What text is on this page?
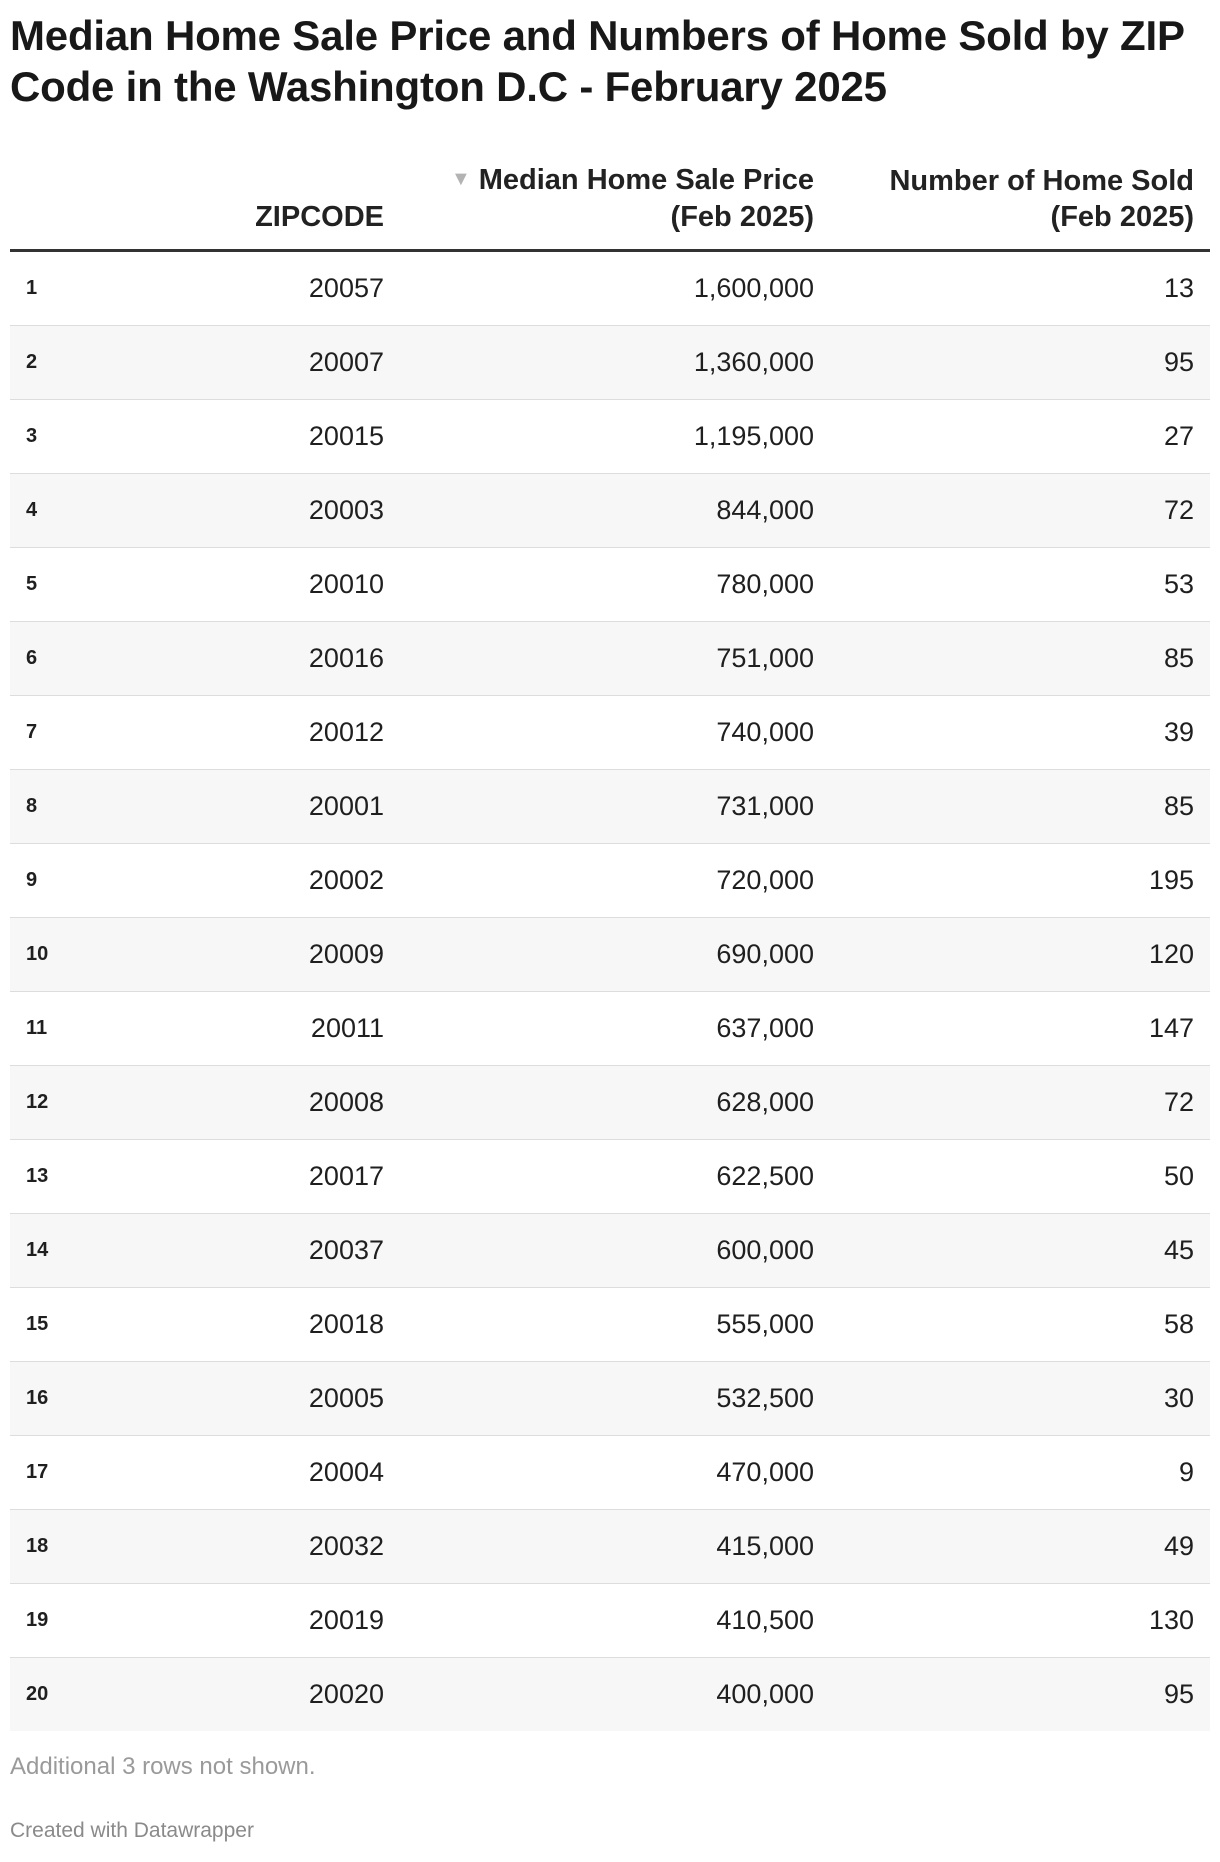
Median Home Sale Price and Numbers of Home Sold by ZIP Code in the Washington D.C - February 2025
	ZIPCODE	▼ Median Home Sale Price (Feb 2025)	Number of Home Sold (Feb 2025)
1	20057	1,600,000	13
2	20007	1,360,000	95
3	20015	1,195,000	27
4	20003	844,000	72
5	20010	780,000	53
6	20016	751,000	85
7	20012	740,000	39
8	20001	731,000	85
9	20002	720,000	195
10	20009	690,000	120
11	20011	637,000	147
12	20008	628,000	72
13	20017	622,500	50
14	20037	600,000	45
15	20018	555,000	58
16	20005	532,500	30
17	20004	470,000	9
18	20032	415,000	49
19	20019	410,500	130
20	20020	400,000	95
Additional 3 rows not shown.
Created with Datawrapper
